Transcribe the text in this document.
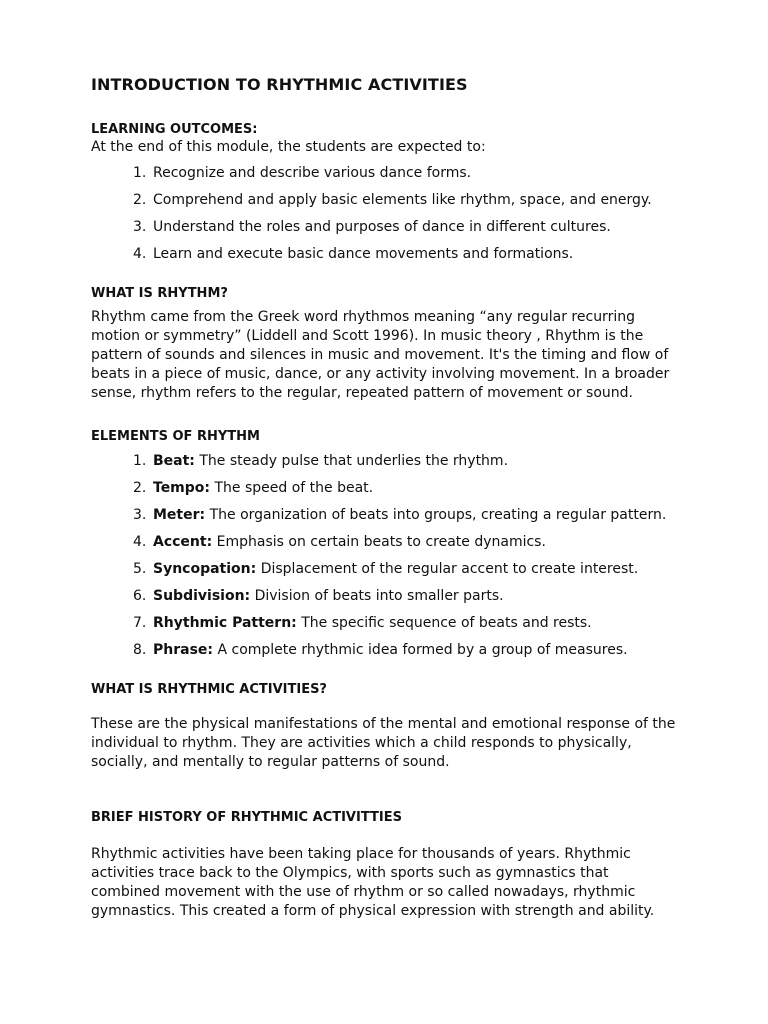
INTRODUCTION TO RHYTHMIC ACTIVITIES
LEARNING OUTCOMES:

At the end of this module, the students are expected to:

1. Recognize and describe various dance forms.
2. Comprehend and apply basic elements like rhythm, space, and energy.
3. Understand the roles and purposes of dance in different cultures.
4. Learn and execute basic dance movements and formations.
WHAT IS RHYTHM?

Rhythm came from the Greek word rhythmos meaning “any regular recurring motion or symmetry” (Liddell and Scott 1996). In music theory , Rhythm is the pattern of sounds and silences in music and movement. It's the timing and flow of beats in a piece of music, dance, or any activity involving movement. In a broader sense, rhythm refers to the regular, repeated pattern of movement or sound.

ELEMENTS OF RHYTHM
1. Beat: The steady pulse that underlies the rhythm.
2. Tempo: The speed of the beat.
3. Meter: The organization of beats into groups, creating a regular pattern.
4. Accent: Emphasis on certain beats to create dynamics.
5. Syncopation: Displacement of the regular accent to create interest.
6. Subdivision: Division of beats into smaller parts.
7. Rhythmic Pattern: The specific sequence of beats and rests.
8. Phrase: A complete rhythmic idea formed by a group of measures.
WHAT IS RHYTHMIC ACTIVITIES?

These are the physical manifestations of the mental and emotional response of the individual to rhythm. They are activities which a child responds to physically, socially, and mentally to regular patterns of sound.

BRIEF HISTORY OF RHYTHMIC ACTIVITTIES

Rhythmic activities have been taking place for thousands of years. Rhythmic activities trace back to the Olympics, with sports such as gymnastics that combined movement with the use of rhythm or so called nowadays, rhythmic gymnastics. This created a form of physical expression with strength and ability.
